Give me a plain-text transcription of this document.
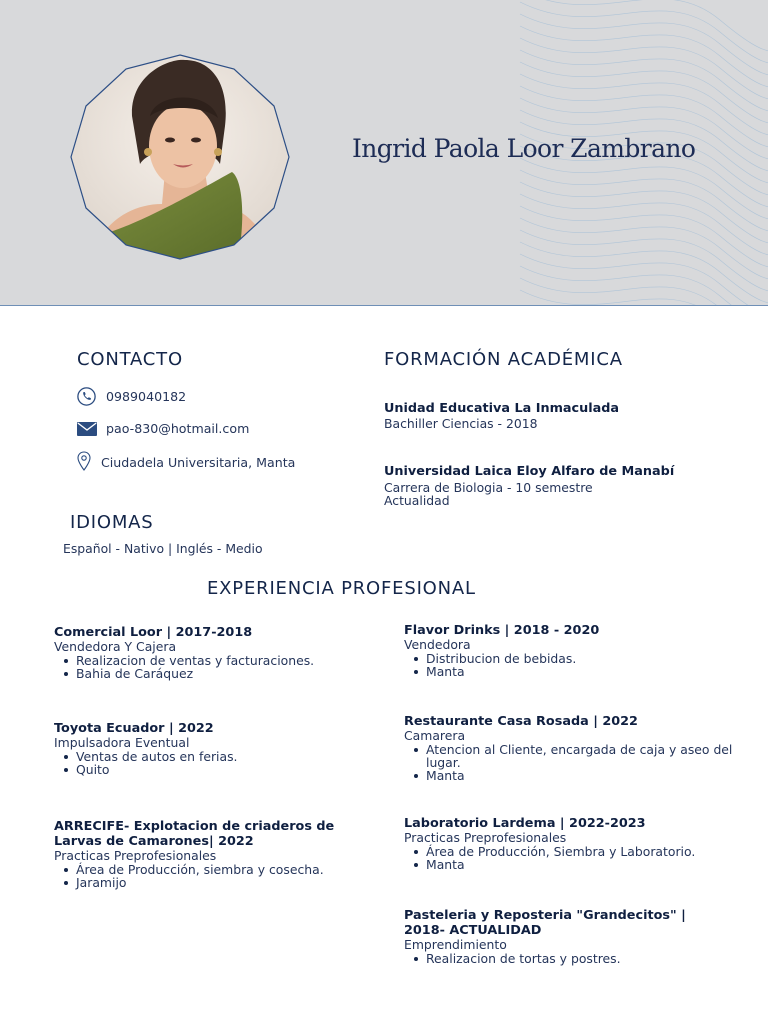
Ingrid Paola Loor Zambrano
CONTACTO
0989040182
pao-830@hotmail.com
Ciudadela Universitaria, Manta
IDIOMAS
Español - Nativo | Inglés - Medio
FORMACIÓN ACADÉMICA
Unidad Educativa La Inmaculada
Bachiller Ciencias - 2018
Universidad Laica Eloy Alfaro de Manabí
Carrera de Biologia - 10 semestre
Actualidad
EXPERIENCIA PROFESIONAL
Comercial Loor | 2017-2018
Vendedora Y Cajera
Realizacion de ventas y facturaciones.
Bahia de Caráquez
Toyota Ecuador | 2022
Impulsadora Eventual
Ventas de autos en ferias.
Quito
ARRECIFE- Explotacion de criaderos de Larvas de Camarones| 2022
Practicas Preprofesionales
Área de Producción, siembra y cosecha.
Jaramijo
Flavor Drinks | 2018 - 2020
Vendedora
Distribucion de bebidas.
Manta
Restaurante Casa Rosada | 2022
Camarera
Atencion al Cliente, encargada de caja y aseo del lugar.
Manta
Laboratorio Lardema | 2022-2023
Practicas Preprofesionales
Área de Producción, Siembra y Laboratorio.
Manta
Pasteleria y Reposteria "Grandecitos" | 2018- ACTUALIDAD
Emprendimiento
Realizacion de tortas y postres.
